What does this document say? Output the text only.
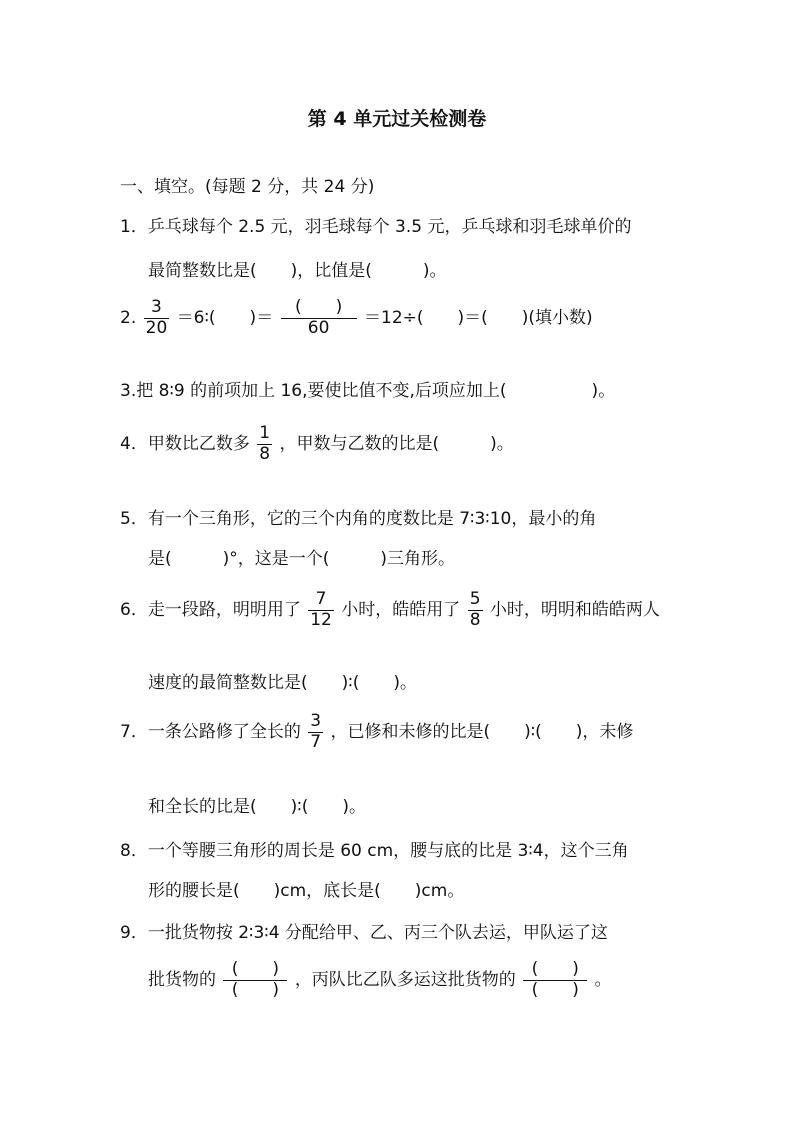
第 4 单元过关检测卷
一、填空。(每题 2 分，共 24 分)
1．乒乓球每个 2.5 元，羽毛球每个 3.5 元，乒乓球和羽毛球单价的
最简整数比是(　　)，比值是(　　　)。
2. $\frac{3}{20}$ ＝6∶(　　)＝ $\frac{( )}{60} =12\div$(　　)＝(　　)(填小数)
3.把 8∶9 的前项加上 16,要使比值不变,后项应加上(　　　　　)。
4．甲数比乙数多 $\frac{1}{8}$ ，甲数与乙数的比是(　　　)。
5．有一个三角形，它的三个内角的度数比是 7∶3∶10，最小的角
是(　　　)°，这是一个(　　　)三角形。
6．走一段路，明明用了 $\frac{7}{12}$ 小时，皓皓用了 $\frac{5}{8}$ 小时，明明和皓皓两人
速度的最简整数比是(　　)∶(　　)。
7．一条公路修了全长的 $\frac{3}{7}$ ，已修和未修的比是(　　)∶(　　)，未修
和全长的比是(　　)∶(　　)。
8．一个等腰三角形的周长是 60 cm，腰与底的比是 3∶4，这个三角
形的腰长是(　　)cm，底长是(　　)cm。
9．一批货物按 2∶3∶4 分配给甲、乙、丙三个队去运，甲队运了这
批货物的 $\frac{( )}{( )}$ ，丙队比乙队多运这批货物的 $\frac{( )}{( )}$ 。
